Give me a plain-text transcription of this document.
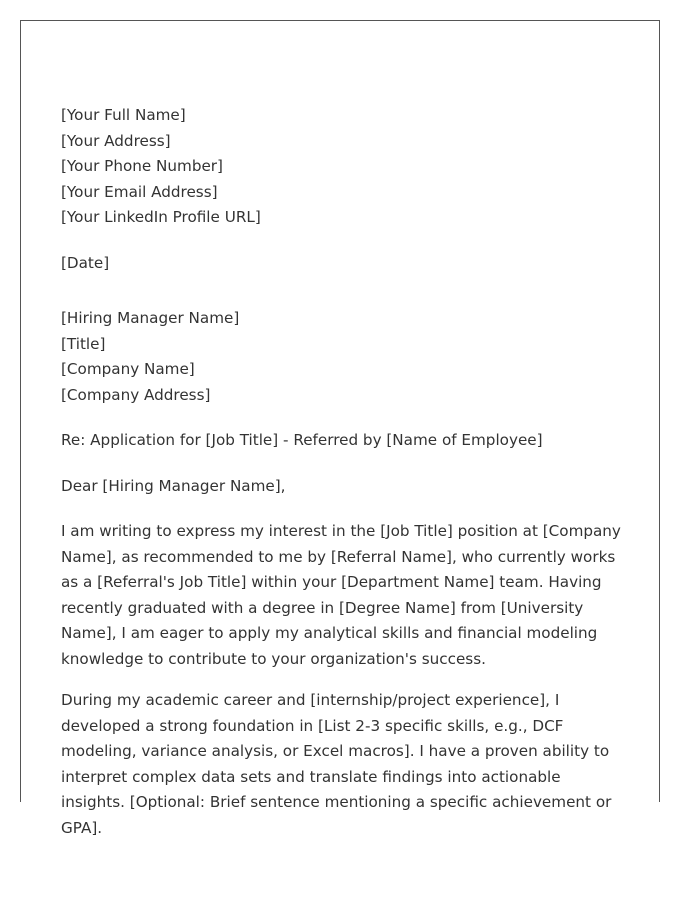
[Your Full Name]
[Your Address]
[Your Phone Number]
[Your Email Address]
[Your LinkedIn Profile URL]
[Date]
[Hiring Manager Name]
[Title]
[Company Name]
[Company Address]
Re: Application for [Job Title] - Referred by [Name of Employee]
Dear [Hiring Manager Name],

I am writing to express my interest in the [Job Title] position at [Company Name], as recommended to me by [Referral Name], who currently works as a [Referral's Job Title] within your [Department Name] team. Having recently graduated with a degree in [Degree Name] from [University Name], I am eager to apply my analytical skills and financial modeling knowledge to contribute to your organization's success.

During my academic career and [internship/project experience], I developed a strong foundation in [List 2-3 specific skills, e.g., DCF modeling, variance analysis, or Excel macros]. I have a proven ability to interpret complex data sets and translate findings into actionable insights. [Optional: Brief sentence mentioning a specific achievement or GPA].
